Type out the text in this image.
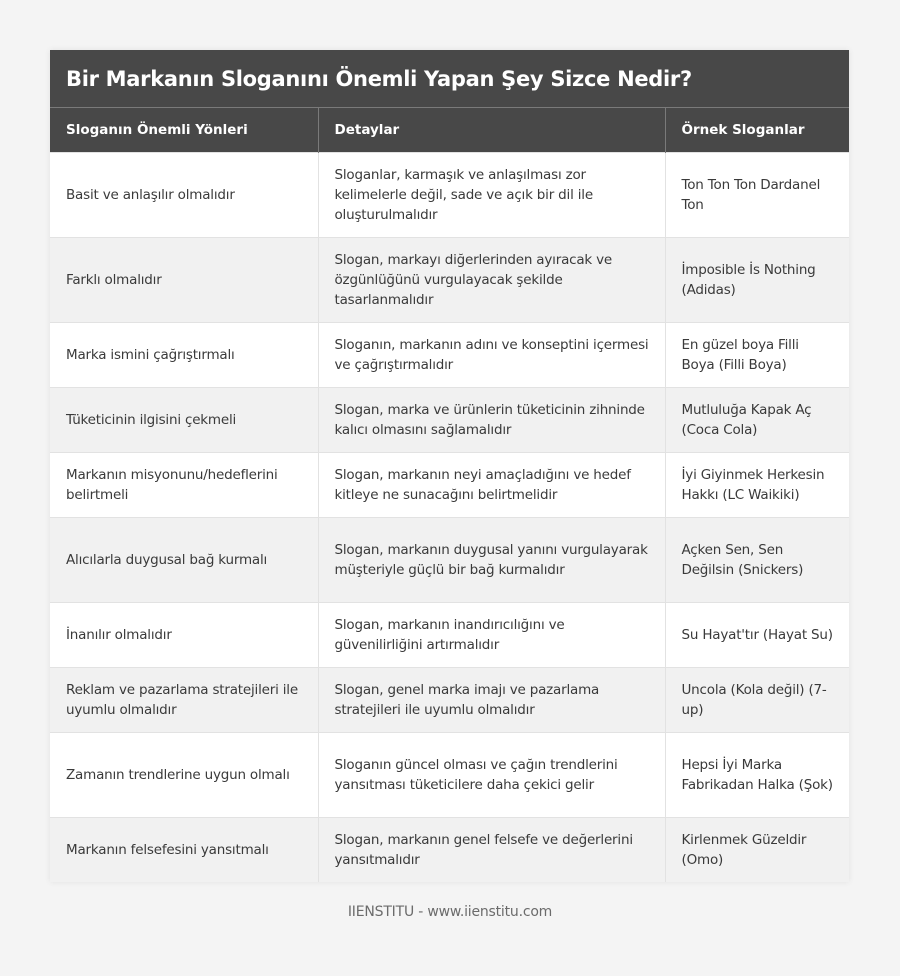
Bir Markanın Sloganını Önemli Yapan Şey Sizce Nedir?
Sloganın Önemli Yönleri	Detaylar	Örnek Sloganlar
Basit ve anlaşılır olmalıdır	Sloganlar, karmaşık ve anlaşılması zor kelimelerle değil, sade ve açık bir dil ile oluşturulmalıdır	Ton Ton Ton Dardanel Ton
Farklı olmalıdır	Slogan, markayı diğerlerinden ayıracak ve özgünlüğünü vurgulayacak şekilde tasarlanmalıdır	İmposible İs Nothing (Adidas)
Marka ismini çağrıştırmalı	Sloganın, markanın adını ve konseptini içermesi ve çağrıştırmalıdır	En güzel boya Filli Boya (Filli Boya)
Tüketicinin ilgisini çekmeli	Slogan, marka ve ürünlerin tüketicinin zihninde kalıcı olmasını sağlamalıdır	Mutluluğa Kapak Aç (Coca Cola)
Markanın misyonunu/hedeflerini belirtmeli	Slogan, markanın neyi amaçladığını ve hedef kitleye ne sunacağını belirtmelidir	İyi Giyinmek Herkesin Hakkı (LC Waikiki)
Alıcılarla duygusal bağ kurmalı	Slogan, markanın duygusal yanını vurgulayarak müşteriyle güçlü bir bağ kurmalıdır	Açken Sen, Sen Değilsin (Snickers)
İnanılır olmalıdır	Slogan, markanın inandırıcılığını ve güvenilirliğini artırmalıdır	Su Hayat'tır (Hayat Su)
Reklam ve pazarlama stratejileri ile uyumlu olmalıdır	Slogan, genel marka imajı ve pazarlama stratejileri ile uyumlu olmalıdır	Uncola (Kola değil) (7-up)
Zamanın trendlerine uygun olmalı	Sloganın güncel olması ve çağın trendlerini yansıtması tüketicilere daha çekici gelir	Hepsi İyi Marka Fabrikadan Halka (Şok)
Markanın felsefesini yansıtmalı	Slogan, markanın genel felsefe ve değerlerini yansıtmalıdır	Kirlenmek Güzeldir (Omo)
IIENSTITU - www.iienstitu.com
